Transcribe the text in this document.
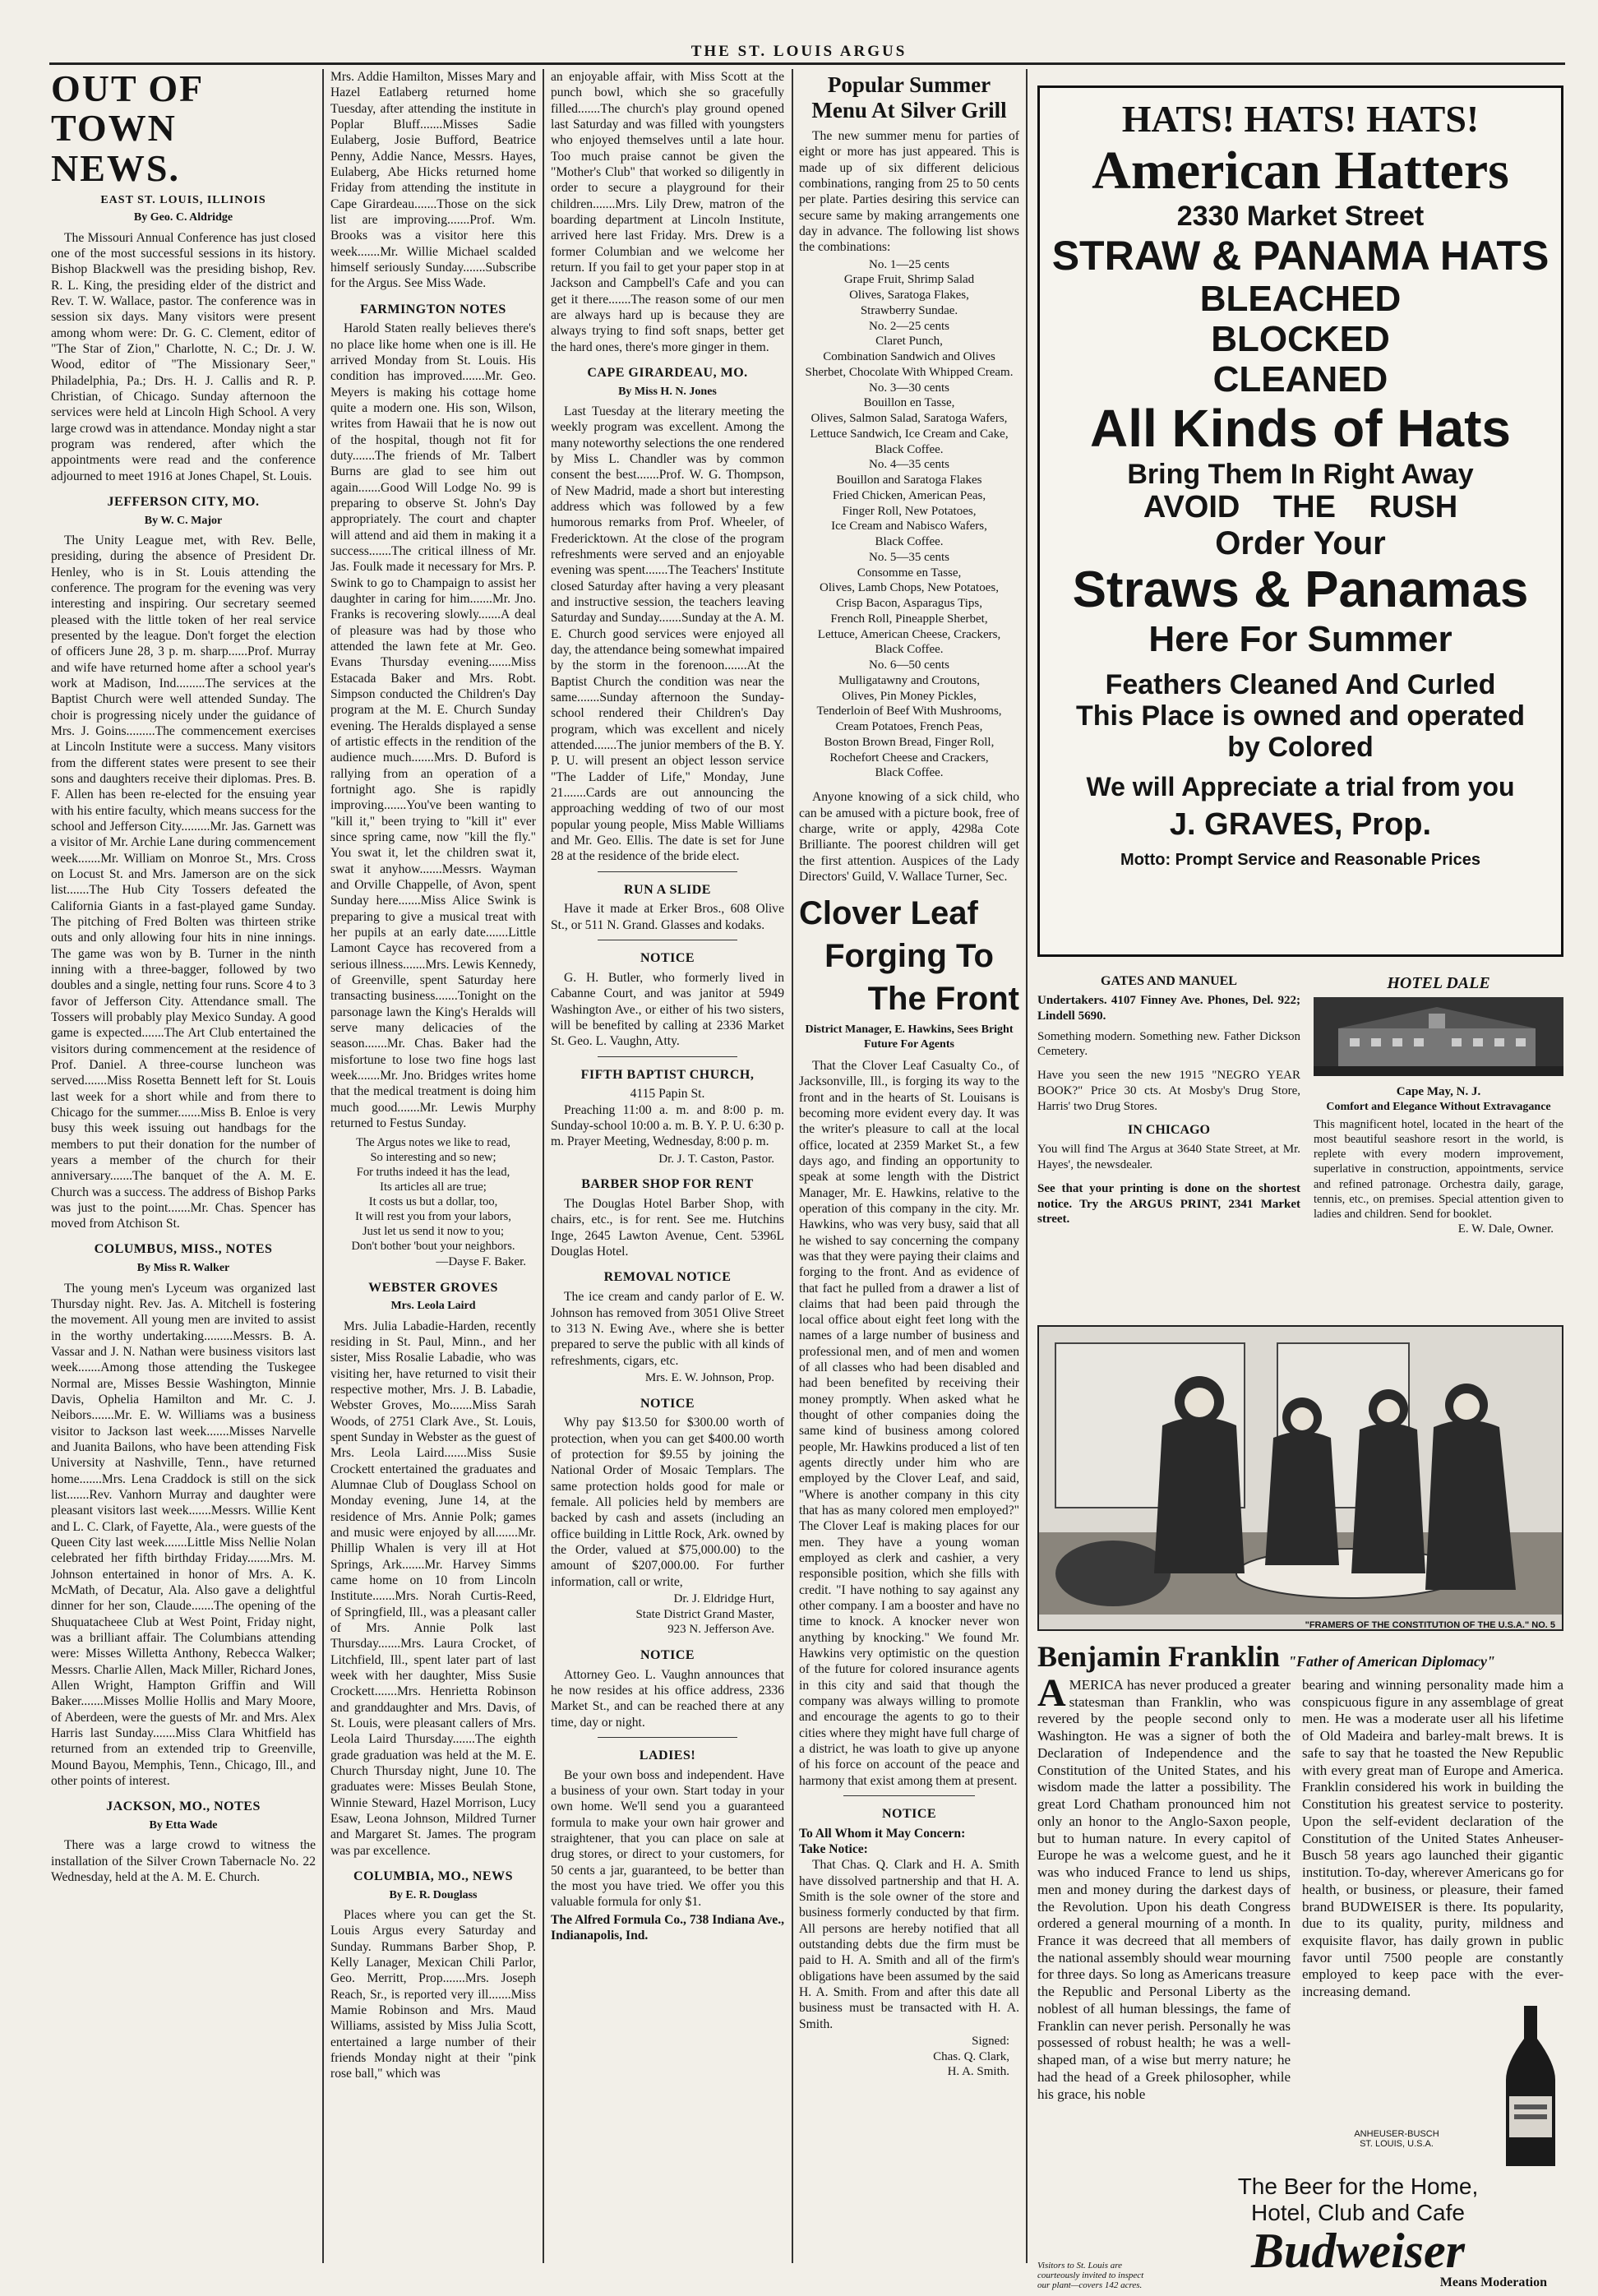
THE ST. LOUIS ARGUS
OUT OF TOWN NEWS.
EAST ST. LOUIS, ILLINOIS
By Geo. C. Aldridge

The Missouri Annual Conference has just closed one of the most successful sessions in its history. Bishop Blackwell was the presiding bishop, Rev. R. L. King, the presiding elder of the district and Rev. T. W. Wallace, pastor. The conference was in session six days. Many visitors were present among whom were: Dr. G. C. Clement, editor of "The Star of Zion," Charlotte, N. C.; Dr. J. W. Wood, editor of "The Missionary Seer," Philadelphia, Pa.; Drs. H. J. Callis and R. P. Christian, of Chicago. Sunday afternoon the services were held at Lincoln High School. A very large crowd was in attendance. Monday night a star program was rendered, after which the appointments were read and the conference adjourned to meet 1916 at Jones Chapel, St. Louis.

JEFFERSON CITY, MO.
By W. C. Major

The Unity League met, with Rev. Belle, presiding, during the absence of President Dr. Henley, who is in St. Louis attending the conference. The program for the evening was very interesting and inspiring. Our secretary seemed pleased with the little token of her real service presented by the league. Don't forget the election of officers June 28, 3 p. m. sharp......Prof. Murray and wife have returned home after a school year's work at Madison, Ind.........The services at the Baptist Church were well attended Sunday. The choir is progressing nicely under the guidance of Mrs. J. Goins.........The commencement exercises at Lincoln Institute were a success. Many visitors from the different states were present to see their sons and daughters receive their diplomas. Pres. B. F. Allen has been re-elected for the ensuing year with his entire faculty, which means success for the school and Jefferson City.........Mr. Jas. Garnett was a visitor of Mr. Archie Lane during commencement week.......Mr. William on Monroe St., Mrs. Cross on Locust St. and Mrs. Jamerson are on the sick list.......The Hub City Tossers defeated the California Giants in a fast-played game Sunday. The pitching of Fred Bolten was thirteen strike outs and only allowing four hits in nine innings. The game was won by B. Turner in the ninth inning with a three-bagger, followed by two doubles and a single, netting four runs. Score 4 to 3 favor of Jefferson City. Attendance small. The Tossers will probably play Mexico Sunday. A good game is expected.......The Art Club entertained the visitors during commencement at the residence of Prof. Daniel. A three-course luncheon was served.......Miss Rosetta Bennett left for St. Louis last week for a short while and from there to Chicago for the summer.......Miss B. Enloe is very busy this week issuing out handbags for the members to put their donation for the number of years a member of the church for their anniversary.......The banquet of the A. M. E. Church was a success. The address of Bishop Parks was just to the point.......Mr. Chas. Spencer has moved from Atchison St.

COLUMBUS, MISS., NOTES
By Miss R. Walker

The young men's Lyceum was organized last Thursday night. Rev. Jas. A. Mitchell is fostering the movement. All young men are invited to assist in the worthy undertaking.........Messrs. B. A. Vassar and J. N. Nathan were business visitors last week.......Among those attending the Tuskegee Normal are, Misses Bessie Washington, Minnie Davis, Ophelia Hamilton and Mr. C. J. Neibors.......Mr. E. W. Williams was a business visitor to Jackson last week.......Misses Narvelle and Juanita Bailons, who have been attending Fisk University at Nashville, Tenn., have returned home.......Mrs. Lena Craddock is still on the sick list.......Rev. Vanhorn Murray and daughter were pleasant visitors last week.......Messrs. Willie Kent and L. C. Clark, of Fayette, Ala., were guests of the Queen City last week.......Little Miss Nellie Nolan celebrated her fifth birthday Friday.......Mrs. M. Johnson entertained in honor of Mrs. A. K. McMath, of Decatur, Ala. Also gave a delightful dinner for her son, Claude.......The opening of the Shuquatacheee Club at West Point, Friday night, was a brilliant affair. The Columbians attending were: Misses Willetta Anthony, Rebecca Walker; Messrs. Charlie Allen, Mack Miller, Richard Jones, Allen Wright, Hampton Griffin and Will Baker.......Misses Mollie Hollis and Mary Moore, of Aberdeen, were the guests of Mr. and Mrs. Alex Harris last Sunday.......Miss Clara Whitfield has returned from an extended trip to Greenville, Mound Bayou, Memphis, Tenn., Chicago, Ill., and other points of interest.

JACKSON, MO., NOTES
By Etta Wade

There was a large crowd to witness the installation of the Silver Crown Tabernacle No. 22 Wednesday, held at the A. M. E. Church.

Mrs. Addie Hamilton, Misses Mary and Hazel Eatlaberg returned home Tuesday, after attending the institute in Poplar Bluff.......Misses Sadie Eulaberg, Josie Bufford, Beatrice Penny, Addie Nance, Messrs. Hayes, Eulaberg, Abe Hicks returned home Friday from attending the institute in Cape Girardeau.......Those on the sick list are improving.......Prof. Wm. Brooks was a visitor here this week.......Mr. Willie Michael scalded himself seriously Sunday.......Subscribe for the Argus. See Miss Wade.

FARMINGTON NOTES

Harold Staten really believes there's no place like home when one is ill. He arrived Monday from St. Louis. His condition has improved.......Mr. Geo. Meyers is making his cottage home quite a modern one. His son, Wilson, writes from Hawaii that he is now out of the hospital, though not fit for duty.......The friends of Mr. Talbert Burns are glad to see him out again.......Good Will Lodge No. 99 is preparing to observe St. John's Day appropriately. The court and chapter will attend and aid them in making it a success.......The critical illness of Mr. Jas. Foulk made it necessary for Mrs. P. Swink to go to Champaign to assist her daughter in caring for him.......Mr. Jno. Franks is recovering slowly.......A deal of pleasure was had by those who attended the lawn fete at Mr. Geo. Evans Thursday evening.......Miss Estacada Baker and Mrs. Robt. Simpson conducted the Children's Day program at the M. E. Church Sunday evening. The Heralds displayed a sense of artistic effects in the rendition of the audience much.......Mrs. D. Buford is rallying from an operation of a fortnight ago. She is rapidly improving.......You've been wanting to "kill it," been trying to "kill it" ever since spring came, now "kill the fly." You swat it, let the children swat it, swat it anyhow.......Messrs. Wayman and Orville Chappelle, of Avon, spent Sunday here.......Miss Alice Swink is preparing to give a musical treat with her pupils at an early date.......Little Lamont Cayce has recovered from a serious illness.......Mrs. Lewis Kennedy, of Greenville, spent Saturday here transacting business.......Tonight on the parsonage lawn the King's Heralds will serve many delicacies of the season.......Mr. Chas. Baker had the misfortune to lose two fine hogs last week.......Mr. Jno. Bridges writes home that the medical treatment is doing him much good.......Mr. Lewis Murphy returned to Festus Sunday.

The Argus notes we like to read,
So interesting and so new;
For truths indeed it has the lead,
Its articles all are true;
It costs us but a dollar, too,
It will rest you from your labors,
Just let us send it now to you;
Don't bother 'bout your neighbors.
—Dayse F. Baker.
WEBSTER GROVES
Mrs. Leola Laird

Mrs. Julia Labadie-Harden, recently residing in St. Paul, Minn., and her sister, Miss Rosalie Labadie, who was visiting her, have returned to visit their respective mother, Mrs. J. B. Labadie, Webster Groves, Mo.......Miss Sarah Woods, of 2751 Clark Ave., St. Louis, spent Sunday in Webster as the guest of Mrs. Leola Laird.......Miss Susie Crockett entertained the graduates and Alumnae Club of Douglass School on Monday evening, June 14, at the residence of Mrs. Annie Polk; games and music were enjoyed by all.......Mr. Phillip Whalen is very ill at Hot Springs, Ark.......Mr. Harvey Simms came home on 10 from Lincoln Institute.......Mrs. Norah Curtis-Reed, of Springfield, Ill., was a pleasant caller of Mrs. Annie Polk last Thursday.......Mrs. Laura Crocket, of Litchfield, Ill., spent later part of last week with her daughter, Miss Susie Crockett.......Mrs. Henrietta Robinson and granddaughter and Mrs. Davis, of St. Louis, were pleasant callers of Mrs. Leola Laird Thursday.......The eighth grade graduation was held at the M. E. Church Thursday night, June 10. The graduates were: Misses Beulah Stone, Winnie Steward, Hazel Morrison, Lucy Esaw, Leona Johnson, Mildred Turner and Margaret St. James. The program was par excellence.

COLUMBIA, MO., NEWS
By E. R. Douglass

Places where you can get the St. Louis Argus every Saturday and Sunday. Rummans Barber Shop, P. Kelly Lanager, Mexican Chili Parlor, Geo. Merritt, Prop.......Mrs. Joseph Reach, Sr., is reported very ill.......Miss Mamie Robinson and Mrs. Maud Williams, assisted by Miss Julia Scott, entertained a large number of their friends Monday night at their "pink rose ball," which was

an enjoyable affair, with Miss Scott at the punch bowl, which she so gracefully filled.......The church's play ground opened last Saturday and was filled with youngsters who enjoyed themselves until a late hour. Too much praise cannot be given the "Mother's Club" that worked so diligently in order to secure a playground for their children.......Mrs. Lily Drew, matron of the boarding department at Lincoln Institute, arrived here last Friday. Mrs. Drew is a former Columbian and we welcome her return. If you fail to get your paper stop in at Jackson and Campbell's Cafe and you can get it there.......The reason some of our men are always hard up is because they are always trying to find soft snaps, better get the hard ones, there's more ginger in them.

CAPE GIRARDEAU, MO.
By Miss H. N. Jones

Last Tuesday at the literary meeting the weekly program was excellent. Among the many noteworthy selections the one rendered by Miss L. Chandler was by common consent the best.......Prof. W. G. Thompson, of New Madrid, made a short but interesting address which was followed by a few humorous remarks from Prof. Wheeler, of Fredericktown. At the close of the program refreshments were served and an enjoyable evening was spent.......The Teachers' Institute closed Saturday after having a very pleasant and instructive session, the teachers leaving Saturday and Sunday.......Sunday at the A. M. E. Church good services were enjoyed all day, the attendance being somewhat impaired by the storm in the forenoon.......At the Baptist Church the condition was near the same.......Sunday afternoon the Sunday-school rendered their Children's Day program, which was excellent and nicely attended.......The junior members of the B. Y. P. U. will present an object lesson service "The Ladder of Life," Monday, June 21.......Cards are out announcing the approaching wedding of two of our most popular young people, Miss Mable Williams and Mr. Geo. Ellis. The date is set for June 28 at the residence of the bride elect.

RUN A SLIDE

Have it made at Erker Bros., 608 Olive St., or 511 N. Grand. Glasses and kodaks.

NOTICE

G. H. Butler, who formerly lived in Cabanne Court, and was janitor at 5949 Washington Ave., or either of his two sisters, will be benefited by calling at 2336 Market St. Geo. L. Vaughn, Atty.

FIFTH BAPTIST CHURCH,
4115 Papin St.

Preaching 11:00 a. m. and 8:00 p. m. Sunday-school 10:00 a. m. B. Y. P. U. 6:30 p. m. Prayer Meeting, Wednesday, 8:00 p. m.

Dr. J. T. Caston, Pastor.
BARBER SHOP FOR RENT

The Douglas Hotel Barber Shop, with chairs, etc., is for rent. See me. Hutchins Inge, 2645 Lawton Avenue, Cent. 5396L Douglas Hotel.

REMOVAL NOTICE

The ice cream and candy parlor of E. W. Johnson has removed from 3051 Olive Street to 313 N. Ewing Ave., where she is better prepared to serve the public with all kinds of refreshments, cigars, etc.

Mrs. E. W. Johnson, Prop.
NOTICE

Why pay $13.50 for $300.00 worth of protection, when you can get $400.00 worth of protection for $9.55 by joining the National Order of Mosaic Templars. The same protection holds good for male or female. All policies held by members are backed by cash and assets (including an office building in Little Rock, Ark. owned by the Order, valued at $75,000.00) to the amount of $207,000.00. For further information, call or write,

Dr. J. Eldridge Hurt,
State District Grand Master,
923 N. Jefferson Ave.
NOTICE

Attorney Geo. L. Vaughn announces that he now resides at his office address, 2336 Market St., and can be reached there at any time, day or night.

LADIES!

Be your own boss and independent. Have a business of your own. Start today in your own home. We'll send you a guaranteed formula to make your own hair grower and straightener, that you can place on sale at drug stores, or direct to your customers, for 50 cents a jar, guaranteed, to be better than the most you have tried. We offer you this valuable formula for only $1.

The Alfred Formula Co., 738 Indiana Ave., Indianapolis, Ind.

Popular Summer Menu At Silver Grill

The new summer menu for parties of eight or more has just appeared. This is made up of six different delicious combinations, ranging from 25 to 50 cents per plate. Parties desiring this service can secure same by making arrangements one day in advance. The following list shows the combinations:

No. 1—25 cents
Grape Fruit, Shrimp Salad
Olives, Saratoga Flakes,
Strawberry Sundae.
No. 2—25 cents
Claret Punch,
Combination Sandwich and Olives
Sherbet, Chocolate With Whipped Cream.
No. 3—30 cents
Bouillon en Tasse,
Olives, Salmon Salad, Saratoga Wafers, Lettuce Sandwich, Ice Cream and Cake, Black Coffee.
No. 4—35 cents
Bouillon and Saratoga Flakes
Fried Chicken, American Peas,
Finger Roll, New Potatoes,
Ice Cream and Nabisco Wafers,
Black Coffee.
No. 5—35 cents
Consomme en Tasse,
Olives, Lamb Chops, New Potatoes,
Crisp Bacon, Asparagus Tips,
French Roll, Pineapple Sherbet,
Lettuce, American Cheese, Crackers,
Black Coffee.
No. 6—50 cents
Mulligatawny and Croutons,
Olives, Pin Money Pickles,
Tenderloin of Beef With Mushrooms,
Cream Potatoes, French Peas,
Boston Brown Bread, Finger Roll,
Rochefort Cheese and Crackers,
Black Coffee.

Anyone knowing of a sick child, who can be amused with a picture book, free of charge, write or apply, 4298a Cote Brilliante. The poorest children will get the first attention. Auspices of the Lady Directors' Guild, V. Wallace Turner, Sec.

Clover Leaf
Forging To
The Front
District Manager, E. Hawkins, Sees Bright Future For Agents

That the Clover Leaf Casualty Co., of Jacksonville, Ill., is forging its way to the front and in the hearts of St. Louisans is becoming more evident every day. It was the writer's pleasure to call at the local office, located at 2359 Market St., a few days ago, and finding an opportunity to speak at some length with the District Manager, Mr. E. Hawkins, relative to the operation of this company in the city. Mr. Hawkins, who was very busy, said that all he wished to say concerning the company was that they were paying their claims and forging to the front. And as evidence of that fact he pulled from a drawer a list of claims that had been paid through the local office about eight feet long with the names of a large number of business and professional men, and of men and women of all classes who had been disabled and had been benefited by receiving their money promptly. When asked what he thought of other companies doing the same kind of business among colored people, Mr. Hawkins produced a list of ten agents directly under him who are employed by the Clover Leaf, and said, "Where is another company in this city that has as many colored men employed?" The Clover Leaf is making places for our men. They have a young woman employed as clerk and cashier, a very responsible position, which she fills with credit. "I have nothing to say against any other company. I am a booster and have no time to knock. A knocker never won anything by knocking." We found Mr. Hawkins very optimistic on the question of the future for colored insurance agents in this city and said that though the company was always willing to promote and encourage the agents to go to their cities where they might have full charge of a district, he was loath to give up anyone of his force on account of the peace and harmony that exist among them at present.

NOTICE
To All Whom it May Concern:
Take Notice:

That Chas. Q. Clark and H. A. Smith have dissolved partnership and that H. A. Smith is the sole owner of the store and business formerly conducted by that firm. All persons are hereby notified that all outstanding debts due the firm must be paid to H. A. Smith and all of the firm's obligations have been assumed by the said H. A. Smith. From and after this date all business must be transacted with H. A. Smith.

Signed:
Chas. Q. Clark,
H. A. Smith.
HATS! HATS! HATS!
American Hatters
2330 Market Street
STRAW & PANAMA HATS
BLEACHED
BLOCKED
CLEANED
All Kinds of Hats
Bring Them In Right Away
AVOID THE RUSH
Order Your
Straws & Panamas
Here For Summer
Feathers Cleaned And Curled
This Place is owned and operated
by Colored
We will Appreciate a trial from you
J. GRAVES, Prop.
Motto: Prompt Service and Reasonable Prices
GATES AND MANUEL

Undertakers. 4107 Finney Ave. Phones, Del. 922; Lindell 5690.

Something modern. Something new. Father Dickson Cemetery.

Have you seen the new 1915 "NEGRO YEAR BOOK?" Price 30 cts. At Mosby's Drug Store, Harris' two Drug Stores.

IN CHICAGO

You will find The Argus at 3640 State Street, at Mr. Hayes', the newsdealer.

See that your printing is done on the shortest notice. Try the ARGUS PRINT, 2341 Market street.

HOTEL DALE
Cape May, N. J.
Comfort and Elegance Without Extravagance

This magnificent hotel, located in the heart of the most beautiful seashore resort in the world, is replete with every modern improvement, superlative in construction, appointments, service and refined patronage. Orchestra daily, garage, tennis, etc., on premises. Special attention given to ladies and children. Send for booklet.

E. W. Dale, Owner.
"FRAMERS OF THE CONSTITUTION OF THE U.S.A." NO. 5
Benjamin Franklin "Father of American Diplomacy"
AMERICA has never produced a greater statesman than Franklin, who was revered by the people second only to Washington. He was a signer of both the Declaration of Independence and the Constitution of the United States, and his wisdom made the latter a possibility. The great Lord Chatham pronounced him not only an honor to the Anglo-Saxon people, but to human nature. In every capitol of Europe he was a welcome guest, and he it was who induced France to lend us ships, men and money during the darkest days of the Revolution. Upon his death Congress ordered a general mourning of a month. In France it was decreed that all members of the national assembly should wear mourning for three days. So long as Americans treasure the Republic and Personal Liberty as the noblest of all human blessings, the fame of Franklin can never perish. Personally he was possessed of robust health; he was a well-shaped man, of a wise but merry nature; he had the head of a Greek philosopher, while his grace, his noble
bearing and winning personality made him a conspicuous figure in any assemblage of great men. He was a moderate user all his lifetime of Old Madeira and barley-malt brews. It is safe to say that he toasted the New Republic with every great man of Europe and America. Franklin considered his work in building the Constitution his greatest service to posterity. Upon the self-evident declaration of the Constitution of the United States Anheuser-Busch 58 years ago launched their gigantic institution. To-day, wherever Americans go for health, or business, or pleasure, their famed brand BUDWEISER is there. Its popularity, due to its quality, purity, mildness and exquisite flavor, has daily grown in public favor until 7500 people are constantly employed to keep pace with the ever-increasing demand.
ANHEUSER-BUSCH
ST. LOUIS, U.S.A.
Visitors to St. Louis are courteously invited to inspect our plant—covers 142 acres.
The Beer for the Home,
Hotel, Club and Cafe
Budweiser
Means Moderation
